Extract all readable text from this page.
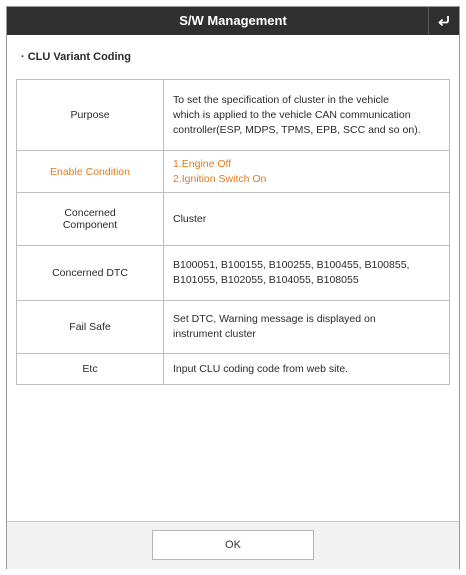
S/W Management
· CLU Variant Coding
Purpose	To set the specification of cluster in the vehicle
which is applied to the vehicle CAN communication
controller(ESP, MDPS, TPMS, EPB, SCC and so on).

Enable Condition	1.Engine Off
2.Ignition Switch On

Concerned
Component	Cluster

Concerned DTC	B100051, B100155, B100255, B100455, B100855,
B101055, B102055, B104055, B108055

Fail Safe	Set DTC, Warning message is displayed on
instrument cluster

Etc	Input CLU coding code from web site.
OK
